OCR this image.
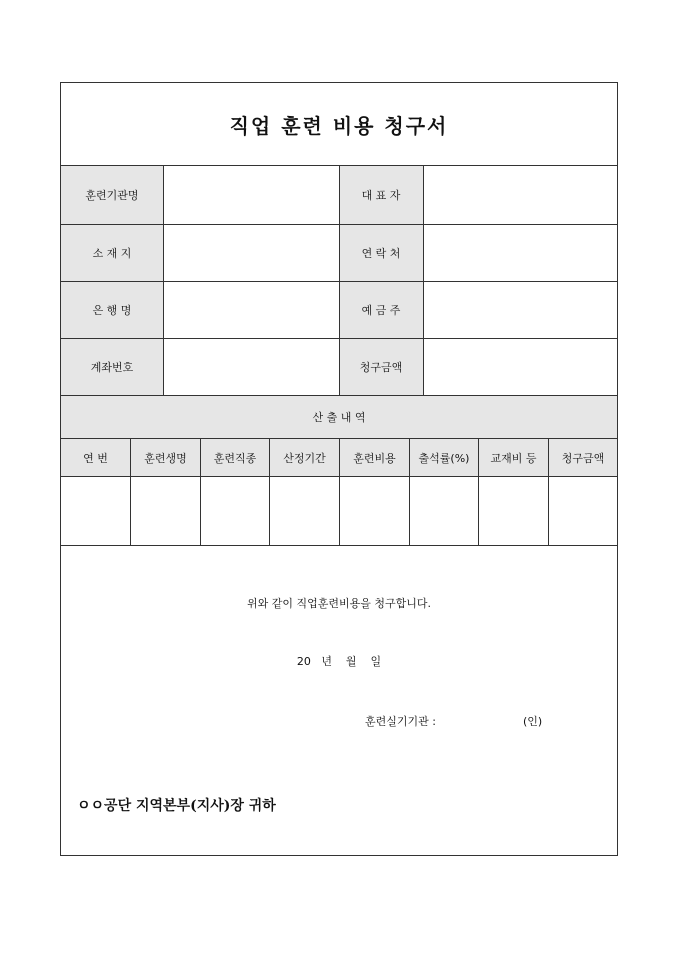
직업 훈련 비용 청구서
훈련기관명	대 표 자
소 재 지	연 락 처
은 행 명	예 금 주
계좌번호	청구금액
산 출 내 역
연 번	훈련생명	훈련직종	산정기간	훈련비용	출석률(%)	교재비 등	청구금액
위와 같이 직업훈련비용을 청구합니다.
20   년    월    일
훈련실기기관 :	(인)
ㅇㅇ공단 지역본부(지사)장 귀하
